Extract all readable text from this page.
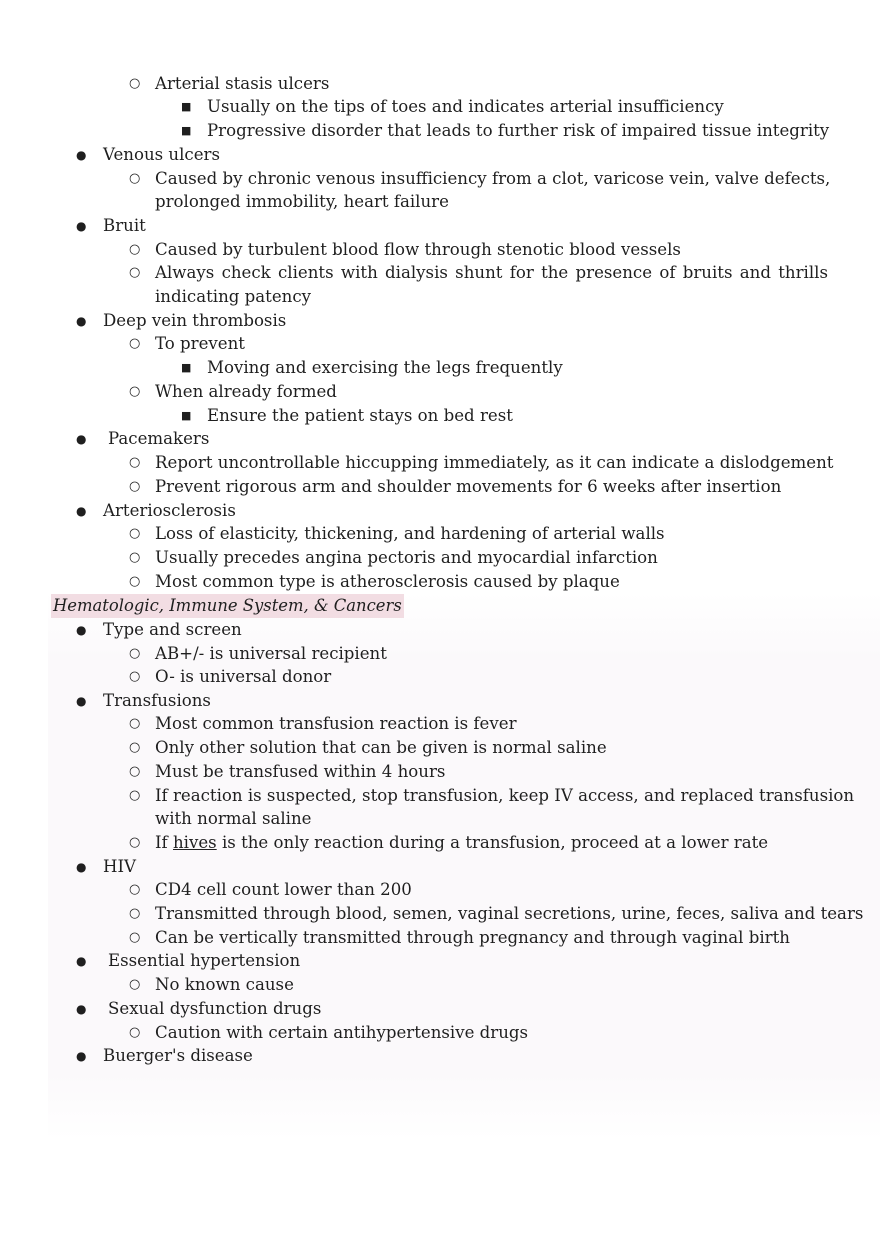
○ Arterial stasis ulcers
■ Usually on the tips of toes and indicates arterial insufficiency
■ Progressive disorder that leads to further risk of impaired tissue integrity
● Venous ulcers
○ Caused by chronic venous insufficiency from a clot, varicose vein, valve defects,
prolonged immobility, heart failure
● Bruit
○ Caused by turbulent blood flow through stenotic blood vessels
○ Always check clients with dialysis shunt for the presence of bruits and thrills
indicating patency
● Deep vein thrombosis
○ To prevent
■ Moving and exercising the legs frequently
○ When already formed
■ Ensure the patient stays on bed rest
● Pacemakers
○ Report uncontrollable hiccupping immediately, as it can indicate a dislodgement
○ Prevent rigorous arm and shoulder movements for 6 weeks after insertion
● Arteriosclerosis
○ Loss of elasticity, thickening, and hardening of arterial walls
○ Usually precedes angina pectoris and myocardial infarction
○ Most common type is atherosclerosis caused by plaque
Hematologic, Immune System, & Cancers
● Type and screen
○ AB+/- is universal recipient
○ O- is universal donor
● Transfusions
○ Most common transfusion reaction is fever
○ Only other solution that can be given is normal saline
○ Must be transfused within 4 hours
○ If reaction is suspected, stop transfusion, keep IV access, and replaced transfusion
with normal saline
○ If hives is the only reaction during a transfusion, proceed at a lower rate
● HIV
○ CD4 cell count lower than 200
○ Transmitted through blood, semen, vaginal secretions, urine, feces, saliva and tears
○ Can be vertically transmitted through pregnancy and through vaginal birth
● Essential hypertension
○ No known cause
● Sexual dysfunction drugs
○ Caution with certain antihypertensive drugs
● Buerger's disease
